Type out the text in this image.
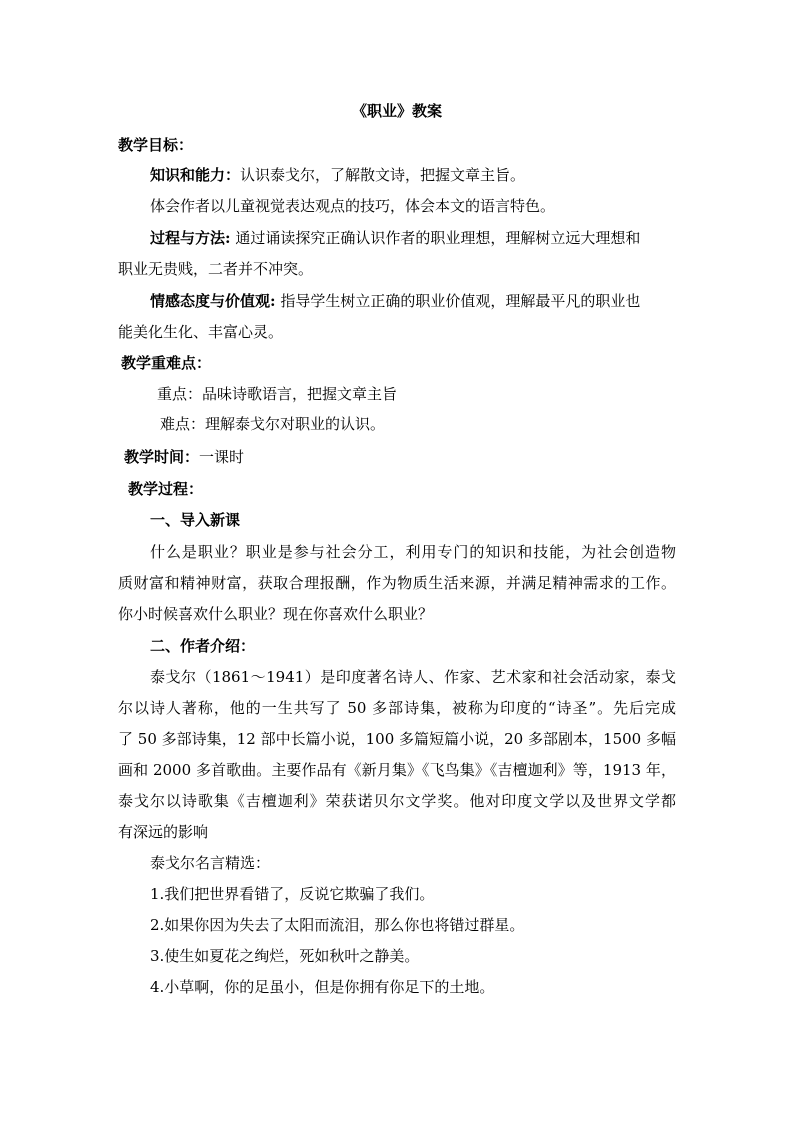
《职业》教案
教学目标：
知识和能力：认识泰戈尔，了解散文诗，把握文章主旨。
体会作者以儿童视觉表达观点的技巧，体会本文的语言特色。
过程与方法: 通过诵读探究正确认识作者的职业理想，理解树立远大理想和
职业无贵贱，二者并不冲突。
情感态度与价值观: 指导学生树立正确的职业价值观，理解最平凡的职业也
能美化生化、丰富心灵。
教学重难点：
重点：品味诗歌语言，把握文章主旨
难点：理解泰戈尔对职业的认识。
教学时间：一课时
教学过程：
一、导入新课
什么是职业？职业是参与社会分工，利用专门的知识和技能，为社会创造物
质财富和精神财富，获取合理报酬，作为物质生活来源，并满足精神需求的工作。
你小时候喜欢什么职业？现在你喜欢什么职业？
二、作者介绍：
泰戈尔（1861～1941）是印度著名诗人、作家、艺术家和社会活动家，泰戈
尔以诗人著称，他的一生共写了 50 多部诗集，被称为印度的“诗圣”。先后完成
了 50 多部诗集，12 部中长篇小说，100 多篇短篇小说，20 多部剧本，1500 多幅
画和 2000 多首歌曲。主要作品有《新月集》《飞鸟集》《吉檀迦利》等，1913 年，
泰戈尔以诗歌集《吉檀迦利》荣获诺贝尔文学奖。他对印度文学以及世界文学都
有深远的影响
泰戈尔名言精选：
1.我们把世界看错了，反说它欺骗了我们。
2.如果你因为失去了太阳而流泪，那么你也将错过群星。
3.使生如夏花之绚烂，死如秋叶之静美。
4.小草啊，你的足虽小，但是你拥有你足下的土地。
